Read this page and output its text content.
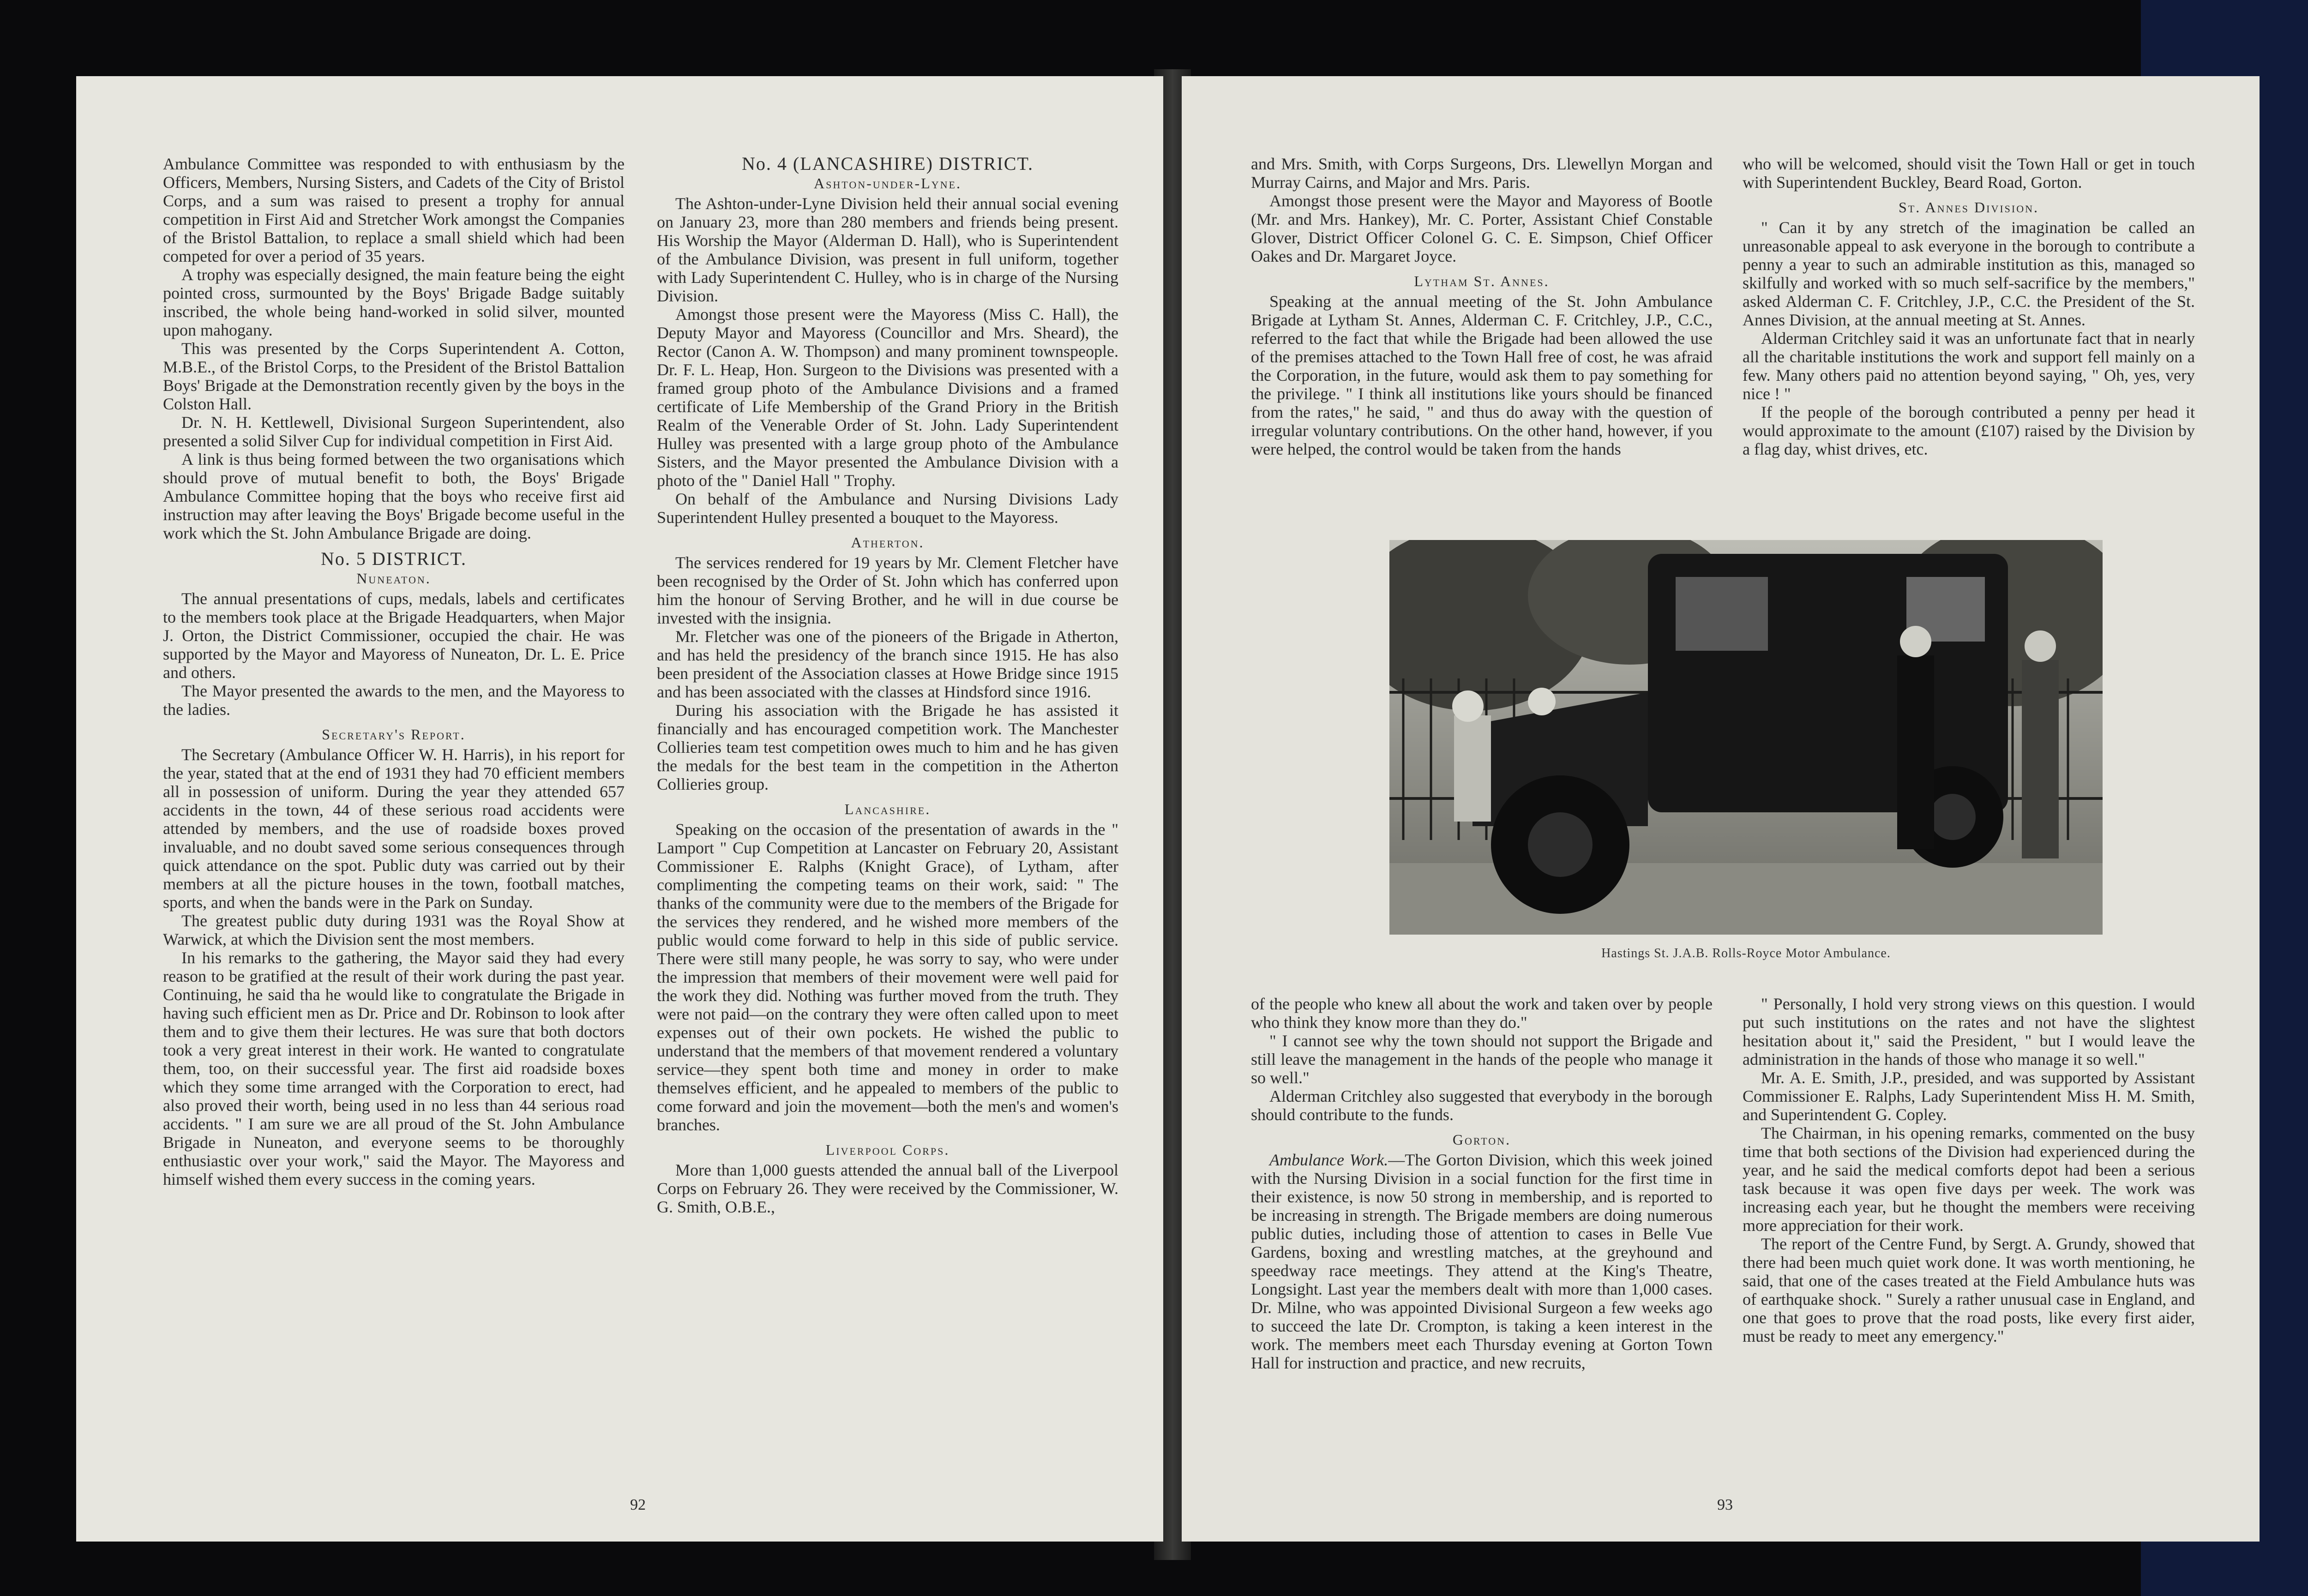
Ambulance Committee was responded to with enthusiasm by the Officers, Members, Nursing Sisters, and Cadets of the City of Bristol Corps, and a sum was raised to present a trophy for annual competition in First Aid and Stretcher Work amongst the Companies of the Bristol Battalion, to replace a small shield which had been competed for over a period of 35 years.

A trophy was especially designed, the main feature being the eight pointed cross, surmounted by the Boys' Brigade Badge suitably inscribed, the whole being hand-worked in solid silver, mounted upon mahogany.

This was presented by the Corps Superintendent A. Cotton, M.B.E., of the Bristol Corps, to the President of the Bristol Battalion Boys' Brigade at the Demonstration recently given by the boys in the Colston Hall.

Dr. N. H. Kettlewell, Divisional Surgeon Superintendent, also presented a solid Silver Cup for individual competition in First Aid.

A link is thus being formed between the two organisations which should prove of mutual benefit to both, the Boys' Brigade Ambulance Committee hoping that the boys who receive first aid instruction may after leaving the Boys' Brigade become useful in the work which the St. John Ambulance Brigade are doing.

No. 5 DISTRICT.
Nuneaton.

The annual presentations of cups, medals, labels and certificates to the members took place at the Brigade Headquarters, when Major J. Orton, the District Commissioner, occupied the chair. He was supported by the Mayor and Mayoress of Nuneaton, Dr. L. E. Price and others.

The Mayor presented the awards to the men, and the Mayoress to the ladies.

Secretary's Report.

The Secretary (Ambulance Officer W. H. Harris), in his report for the year, stated that at the end of 1931 they had 70 efficient members all in possession of uniform. During the year they attended 657 accidents in the town, 44 of these serious road accidents were attended by members, and the use of roadside boxes proved invaluable, and no doubt saved some serious consequences through quick attendance on the spot. Public duty was carried out by their members at all the picture houses in the town, football matches, sports, and when the bands were in the Park on Sunday.

The greatest public duty during 1931 was the Royal Show at Warwick, at which the Division sent the most members.

In his remarks to the gathering, the Mayor said they had every reason to be gratified at the result of their work during the past year. Continuing, he said tha he would like to congratulate the Brigade in having such efficient men as Dr. Price and Dr. Robinson to look after them and to give them their lectures. He was sure that both doctors took a very great interest in their work. He wanted to congratulate them, too, on their successful year. The first aid roadside boxes which they some time arranged with the Corporation to erect, had also proved their worth, being used in no less than 44 serious road accidents. " I am sure we are all proud of the St. John Ambulance Brigade in Nuneaton, and everyone seems to be thoroughly enthusiastic over your work," said the Mayor. The Mayoress and himself wished them every success in the coming years.

No. 4 (LANCASHIRE) DISTRICT.
Ashton-under-Lyne.

The Ashton-under-Lyne Division held their annual social evening on January 23, more than 280 members and friends being present. His Worship the Mayor (Alderman D. Hall), who is Superintendent of the Ambulance Division, was present in full uniform, together with Lady Superintendent C. Hulley, who is in charge of the Nursing Division.

Amongst those present were the Mayoress (Miss C. Hall), the Deputy Mayor and Mayoress (Councillor and Mrs. Sheard), the Rector (Canon A. W. Thompson) and many prominent townspeople. Dr. F. L. Heap, Hon. Surgeon to the Divisions was presented with a framed group photo of the Ambulance Divisions and a framed certificate of Life Membership of the Grand Priory in the British Realm of the Venerable Order of St. John. Lady Superintendent Hulley was presented with a large group photo of the Ambulance Sisters, and the Mayor presented the Ambulance Division with a photo of the " Daniel Hall " Trophy.

On behalf of the Ambulance and Nursing Divisions Lady Superintendent Hulley presented a bouquet to the Mayoress.

Atherton.

The services rendered for 19 years by Mr. Clement Fletcher have been recognised by the Order of St. John which has conferred upon him the honour of Serving Brother, and he will in due course be invested with the insignia.

Mr. Fletcher was one of the pioneers of the Brigade in Atherton, and has held the presidency of the branch since 1915. He has also been president of the Association classes at Howe Bridge since 1915 and has been associated with the classes at Hindsford since 1916.

During his association with the Brigade he has assisted it financially and has encouraged competition work. The Manchester Collieries team test competition owes much to him and he has given the medals for the best team in the competition in the Atherton Collieries group.

Lancashire.

Speaking on the occasion of the presentation of awards in the " Lamport " Cup Competition at Lancaster on February 20, Assistant Commissioner E. Ralphs (Knight Grace), of Lytham, after complimenting the competing teams on their work, said: " The thanks of the community were due to the members of the Brigade for the services they rendered, and he wished more members of the public would come forward to help in this side of public service. There were still many people, he was sorry to say, who were under the impression that members of their movement were well paid for the work they did. Nothing was further moved from the truth. They were not paid—on the contrary they were often called upon to meet expenses out of their own pockets. He wished the public to understand that the members of that movement rendered a voluntary service—they spent both time and money in order to make themselves efficient, and he appealed to members of the public to come forward and join the movement—both the men's and women's branches.

Liverpool Corps.

More than 1,000 guests attended the annual ball of the Liverpool Corps on February 26. They were received by the Commissioner, W. G. Smith, O.B.E.,

92

and Mrs. Smith, with Corps Surgeons, Drs. Llewellyn Morgan and Murray Cairns, and Major and Mrs. Paris.

Amongst those present were the Mayor and Mayoress of Bootle (Mr. and Mrs. Hankey), Mr. C. Porter, Assistant Chief Constable Glover, District Officer Colonel G. C. E. Simpson, Chief Officer Oakes and Dr. Margaret Joyce.

Lytham St. Annes.

Speaking at the annual meeting of the St. John Ambulance Brigade at Lytham St. Annes, Alderman C. F. Critchley, J.P., C.C., referred to the fact that while the Brigade had been allowed the use of the premises attached to the Town Hall free of cost, he was afraid the Corporation, in the future, would ask them to pay something for the privilege. " I think all institutions like yours should be financed from the rates," he said, " and thus do away with the question of irregular voluntary contributions. On the other hand, however, if you were helped, the control would be taken from the hands

who will be welcomed, should visit the Town Hall or get in touch with Superintendent Buckley, Beard Road, Gorton.

St. Annes Division.

" Can it by any stretch of the imagination be called an unreasonable appeal to ask everyone in the borough to contribute a penny a year to such an admirable institution as this, managed so skilfully and worked with so much self-sacrifice by the members," asked Alderman C. F. Critchley, J.P., C.C. the President of the St. Annes Division, at the annual meeting at St. Annes.

Alderman Critchley said it was an unfortunate fact that in nearly all the charitable institutions the work and support fell mainly on a few. Many others paid no attention beyond saying, " Oh, yes, very nice ! "

If the people of the borough contributed a penny per head it would approximate to the amount (£107) raised by the Division by a flag day, whist drives, etc.

Hastings St. J.A.B. Rolls-Royce Motor Ambulance.

of the people who knew all about the work and taken over by people who think they know more than they do."

" I cannot see why the town should not support the Brigade and still leave the management in the hands of the people who manage it so well."

Alderman Critchley also suggested that everybody in the borough should contribute to the funds.

Gorton.

Ambulance Work.—The Gorton Division, which this week joined with the Nursing Division in a social function for the first time in their existence, is now 50 strong in membership, and is reported to be increasing in strength. The Brigade members are doing numerous public duties, including those of attention to cases in Belle Vue Gardens, boxing and wrestling matches, at the greyhound and speedway race meetings. They attend at the King's Theatre, Longsight. Last year the members dealt with more than 1,000 cases. Dr. Milne, who was appointed Divisional Surgeon a few weeks ago to succeed the late Dr. Crompton, is taking a keen interest in the work. The members meet each Thursday evening at Gorton Town Hall for instruction and practice, and new recruits,

" Personally, I hold very strong views on this question. I would put such institutions on the rates and not have the slightest hesitation about it," said the President, " but I would leave the administration in the hands of those who manage it so well."

Mr. A. E. Smith, J.P., presided, and was supported by Assistant Commissioner E. Ralphs, Lady Superintendent Miss H. M. Smith, and Superintendent G. Copley.

The Chairman, in his opening remarks, commented on the busy time that both sections of the Division had experienced during the year, and he said the medical comforts depot had been a serious task because it was open five days per week. The work was increasing each year, but he thought the members were receiving more appreciation for their work.

The report of the Centre Fund, by Sergt. A. Grundy, showed that there had been much quiet work done. It was worth mentioning, he said, that one of the cases treated at the Field Ambulance huts was of earthquake shock. " Surely a rather unusual case in England, and one that goes to prove that the road posts, like every first aider, must be ready to meet any emergency."

93
